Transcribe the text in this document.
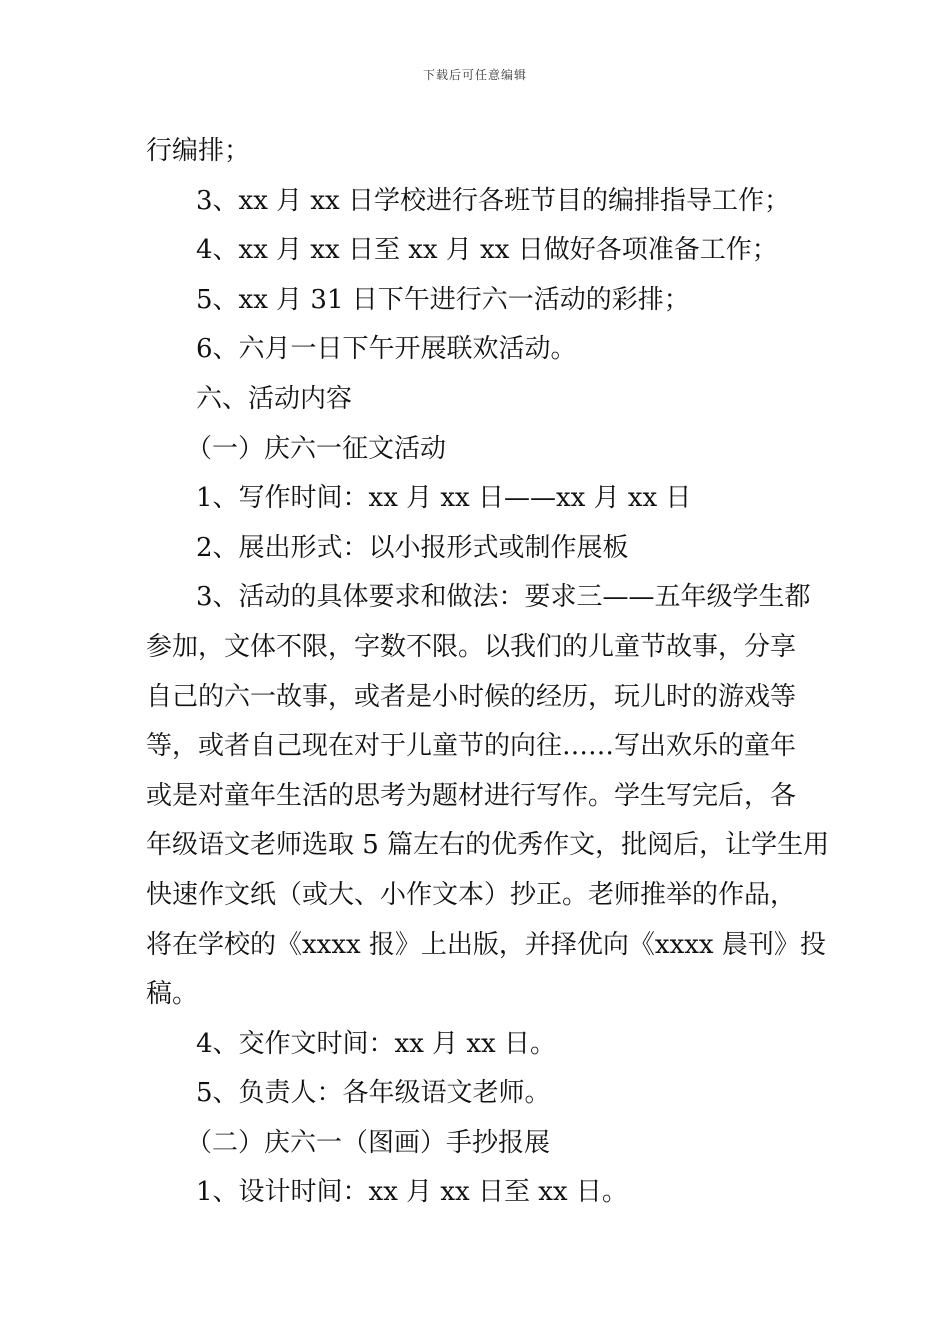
下载后可任意编辑
行编排；
3、xx 月 xx 日学校进行各班节目的编排指导工作；
4、xx 月 xx 日至 xx 月 xx 日做好各项准备工作；
5、xx 月 31 日下午进行六一活动的彩排；
6、六月一日下午开展联欢活动。
六、活动内容
（一）庆六一征文活动
1、写作时间：xx 月 xx 日——xx 月 xx 日
2、展出形式：以小报形式或制作展板
3、活动的具体要求和做法：要求三——五年级学生都
参加，文体不限，字数不限。以我们的儿童节故事，分享
自己的六一故事，或者是小时候的经历，玩儿时的游戏等
等，或者自己现在对于儿童节的向往……写出欢乐的童年
或是对童年生活的思考为题材进行写作。学生写完后，各
年级语文老师选取 5 篇左右的优秀作文，批阅后，让学生用
快速作文纸（或大、小作文本）抄正。老师推举的作品，
将在学校的《xxxx 报》上出版，并择优向《xxxx 晨刊》投
稿。
4、交作文时间：xx 月 xx 日。
5、负责人：各年级语文老师。
（二）庆六一（图画）手抄报展
1、设计时间：xx 月 xx 日至 xx 日。
